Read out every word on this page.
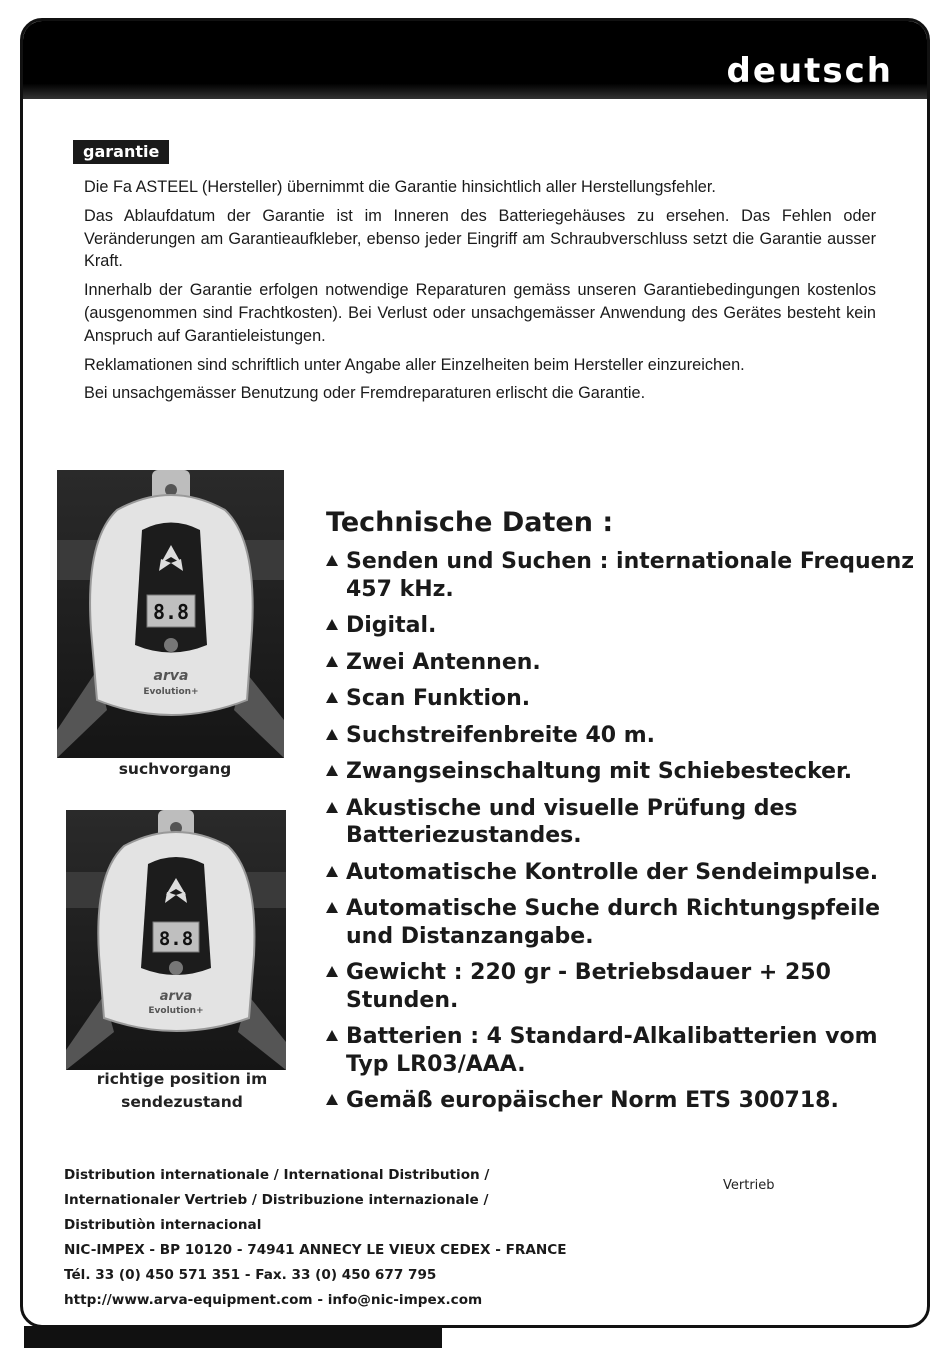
deutsch
garantie

Die Fa ASTEEL (Hersteller) übernimmt die Garantie hinsichtlich aller Herstellungsfehler.

Das Ablaufdatum der Garantie ist im Inneren des Batteriegehäuses zu ersehen. Das Fehlen oder Veränderungen am Garantieaufkleber, ebenso jeder Eingriff am Schraubverschluss setzt die Garantie ausser Kraft.

Innerhalb der Garantie erfolgen notwendige Reparaturen gemäss unseren Garantiebedingungen kostenlos (ausgenommen sind Frachtkosten). Bei Verlust oder unsachgemässer Anwendung des Gerätes besteht kein Anspruch auf Garantieleistungen.

Reklamationen sind schriftlich unter Angabe aller Einzelheiten beim Hersteller einzureichen.

Bei unsachgemässer Benutzung oder Fremdreparaturen erlischt die Garantie.

8.8
arva
Evolution+
suchvorgang
8.8
arva
Evolution+
richtige position im
sendezustand
Technische Daten :
Senden und Suchen : internationale Frequenz 457 kHz.
Digital.
Zwei Antennen.
Scan Funktion.
Suchstreifenbreite 40 m.
Zwangseinschaltung mit Schiebestecker.
Akustische und visuelle Prüfung des Batteriezustandes.
Automatische Kontrolle der Sendeimpulse.
Automatische Suche durch Richtungspfeile und Distanzangabe.
Gewicht : 220 gr - Betriebsdauer + 250 Stunden.
Batterien : 4 Standard-Alkalibatterien vom Typ LR03/AAA.
Gemäß europäischer Norm ETS 300718.
Distribution internationale / International Distribution /
Internationaler Vertrieb / Distribuzione internazionale /
Distributiòn internacional
NIC-IMPEX - BP 10120 - 74941 ANNECY LE VIEUX CEDEX - FRANCE
Tél. 33 (0) 450 571 351 - Fax. 33 (0) 450 677 795
http://www.arva-equipment.com - info@nic-impex.com
Vertrieb
